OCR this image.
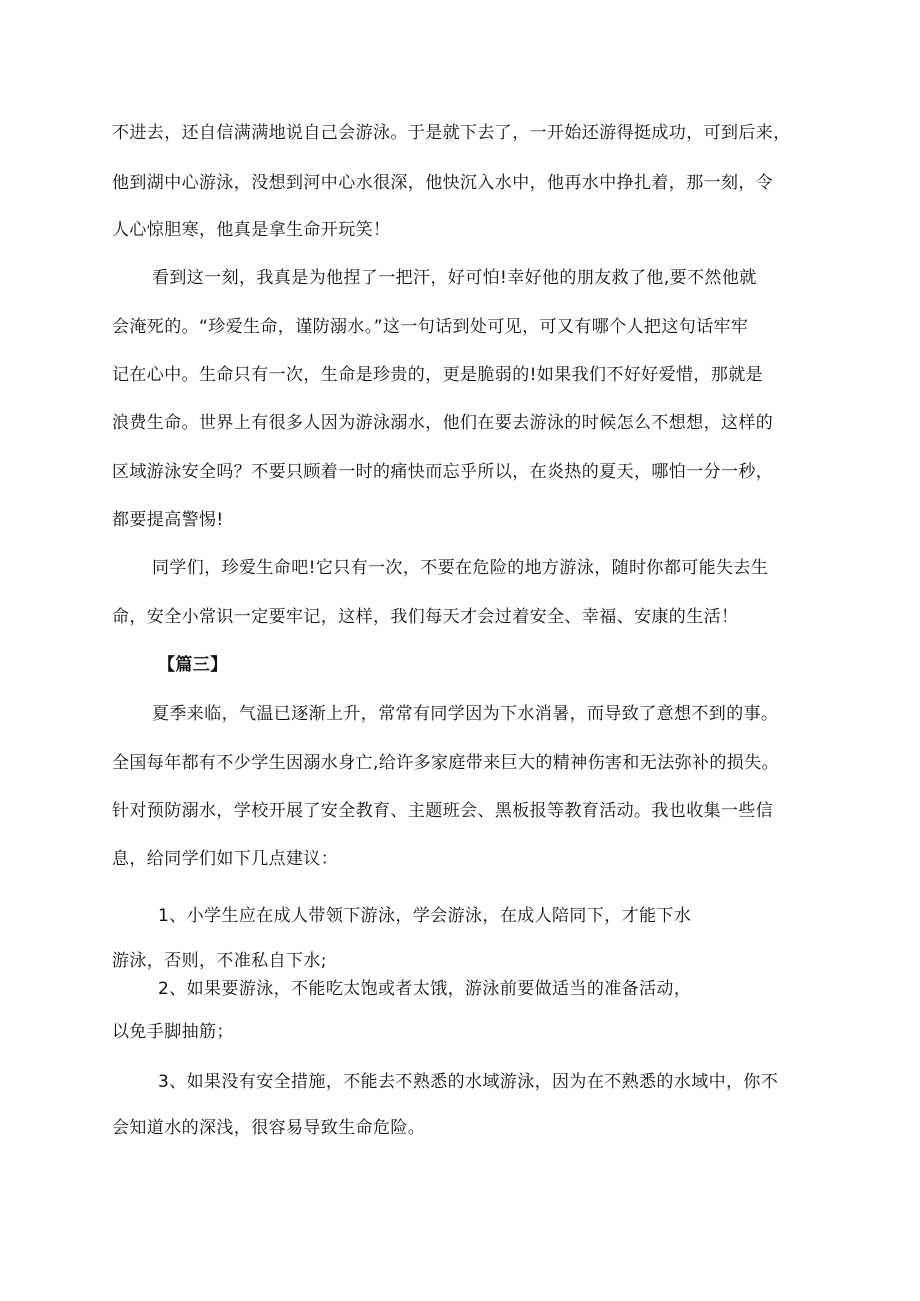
不进去，还自信满满地说自己会游泳。于是就下去了，一开始还游得挺成功，可到后来，
他到湖中心游泳，没想到河中心水很深，他快沉入水中，他再水中挣扎着，那一刻，令
人心惊胆寒，他真是拿生命开玩笑！
看到这一刻，我真是为他捏了一把汗，好可怕!幸好他的朋友救了他,要不然他就
会淹死的。“珍爱生命，谨防溺水。”这一句话到处可见，可又有哪个人把这句话牢牢
记在心中。生命只有一次，生命是珍贵的，更是脆弱的!如果我们不好好爱惜，那就是
浪费生命。世界上有很多人因为游泳溺水，他们在要去游泳的时候怎么不想想，这样的
区域游泳安全吗？不要只顾着一时的痛快而忘乎所以，在炎热的夏天，哪怕一分一秒，
都要提高警惕!
同学们，珍爱生命吧!它只有一次，不要在危险的地方游泳，随时你都可能失去生
命，安全小常识一定要牢记，这样，我们每天才会过着安全、幸福、安康的生活！
【篇三】
夏季来临，气温已逐渐上升，常常有同学因为下水消暑，而导致了意想不到的事。
全国每年都有不少学生因溺水身亡,给许多家庭带来巨大的精神伤害和无法弥补的损失。
针对预防溺水，学校开展了安全教育、主题班会、黑板报等教育活动。我也收集一些信
息，给同学们如下几点建议：
1、小学生应在成人带领下游泳，学会游泳，在成人陪同下，才能下水
游泳，否则，不准私自下水;
2、如果要游泳，不能吃太饱或者太饿，游泳前要做适当的准备活动，
以免手脚抽筋；
3、如果没有安全措施，不能去不熟悉的水域游泳，因为在不熟悉的水域中，你不
会知道水的深浅，很容易导致生命危险。
